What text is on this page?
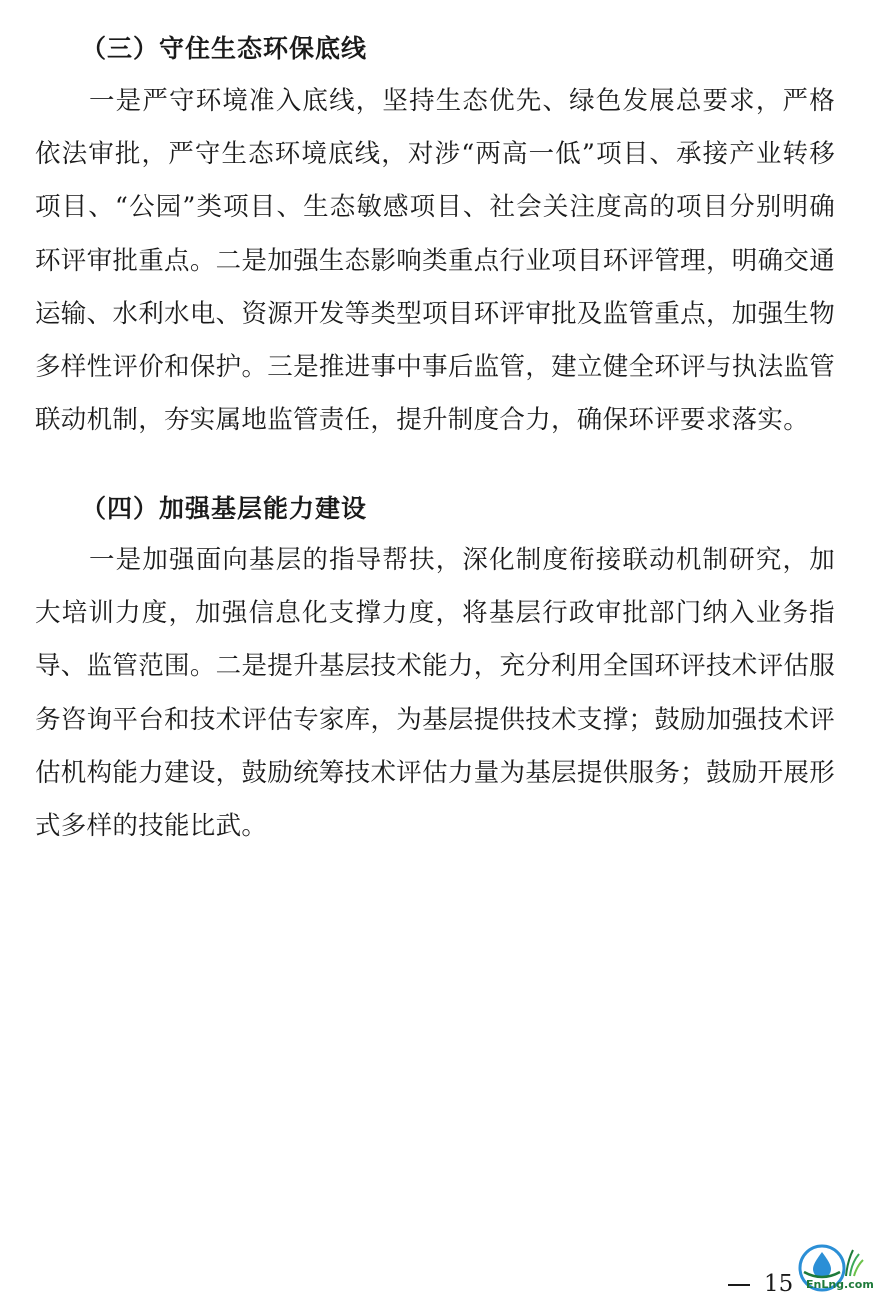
（三）守住生态环保底线

一是严守环境准入底线，坚持生态优先、绿色发展总要求，严格依法审批，严守生态环境底线，对涉“两高一低”项目、承接产业转移项目、“公园”类项目、生态敏感项目、社会关注度高的项目分别明确环评审批重点。二是加强生态影响类重点行业项目环评管理，明确交通运输、水利水电、资源开发等类型项目环评审批及监管重点，加强生物多样性评价和保护。三是推进事中事后监管，建立健全环评与执法监管联动机制，夯实属地监管责任，提升制度合力，确保环评要求落实。

（四）加强基层能力建设

一是加强面向基层的指导帮扶，深化制度衔接联动机制研究，加大培训力度，加强信息化支撑力度，将基层行政审批部门纳入业务指导、监管范围。二是提升基层技术能力，充分利用全国环评技术评估服务咨询平台和技术评估专家库，为基层提供技术支撑；鼓励加强技术评估机构能力建设，鼓励统筹技术评估力量为基层提供服务；鼓励开展形式多样的技能比武。

15 EnLng.com
